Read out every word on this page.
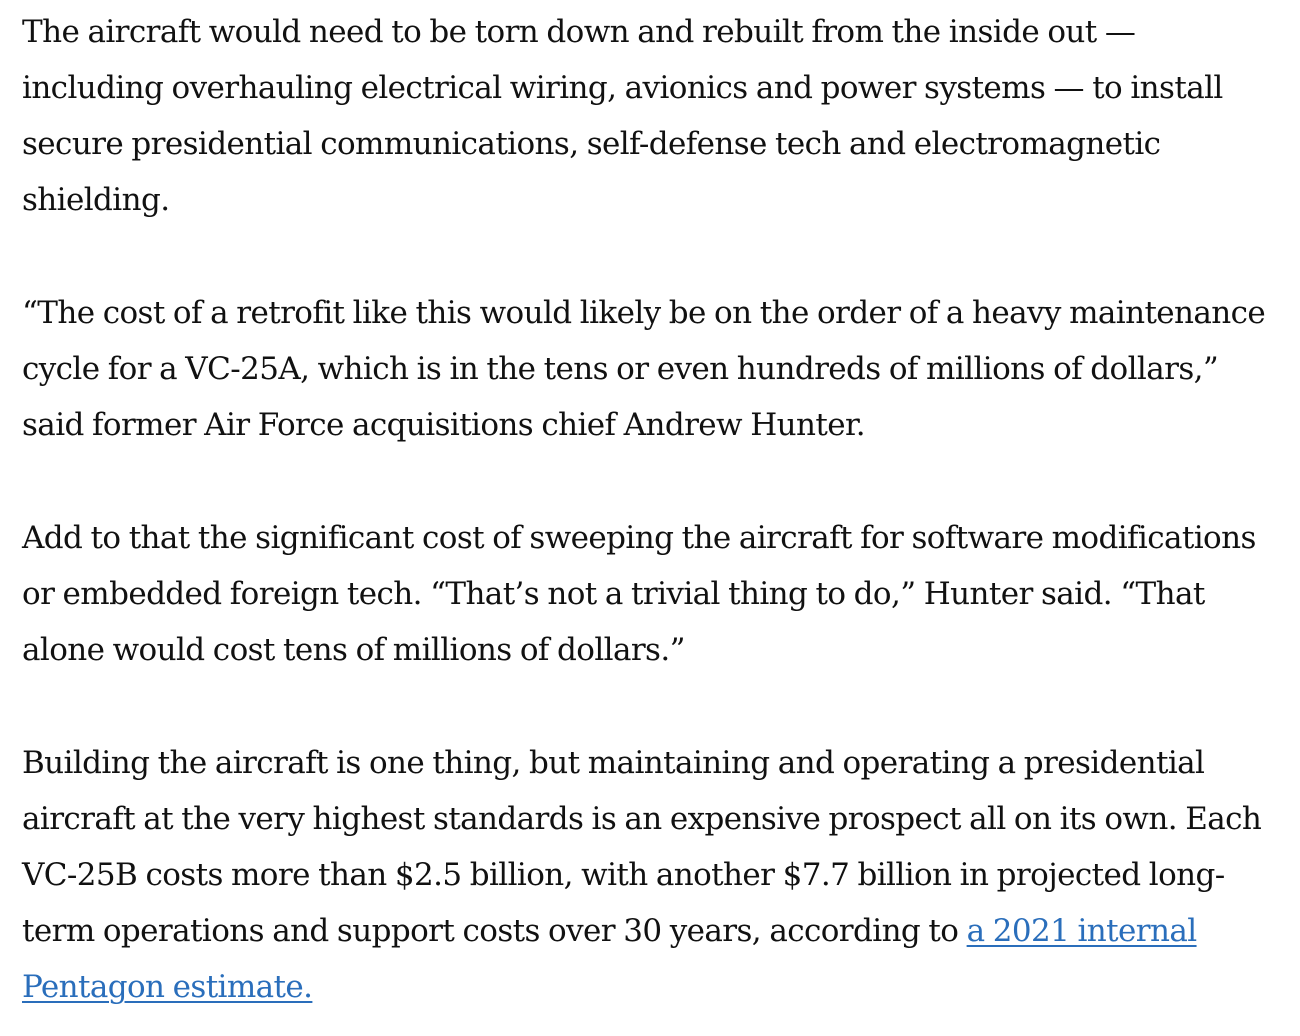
The aircraft would need to be torn down and rebuilt from the inside out — including overhauling electrical wiring, avionics and power systems — to install secure presidential communications, self-defense tech and electromagnetic shielding.

“The cost of a retrofit like this would likely be on the order of a heavy maintenance cycle for a VC-25A, which is in the tens or even hundreds of millions of dollars,” said former Air Force acquisitions chief Andrew Hunter.

Add to that the significant cost of sweeping the aircraft for software modifications or embedded foreign tech. “That’s not a trivial thing to do,” Hunter said. “That alone would cost tens of millions of dollars.”

Building the aircraft is one thing, but maintaining and operating a presidential aircraft at the very highest standards is an expensive prospect all on its own. Each VC-25B costs more than $2.5 billion, with another $7.7 billion in projected long-term operations and support costs over 30 years, according to a 2021 internal Pentagon estimate.
